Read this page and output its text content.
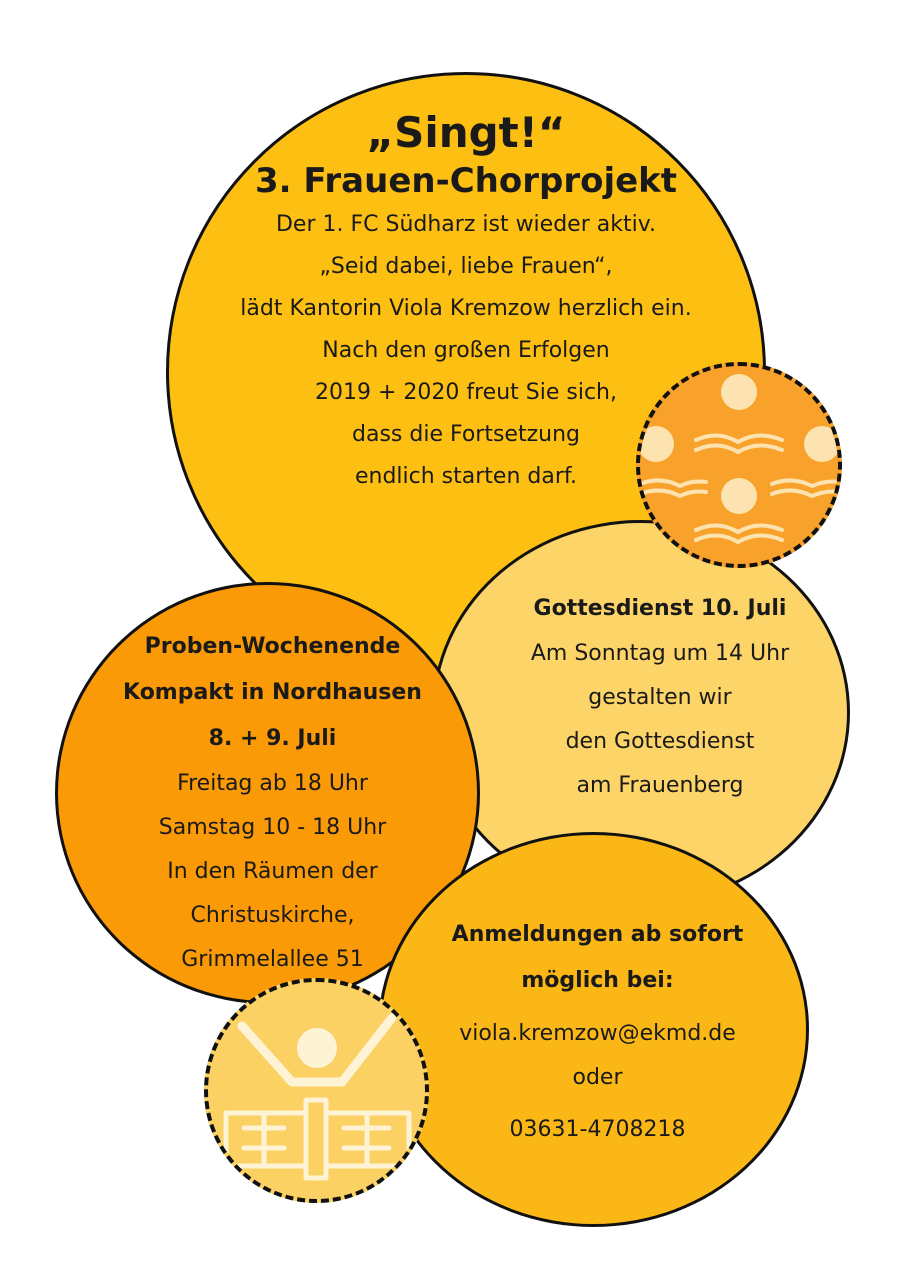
„Singt!“
3. Frauen-Chorprojekt
Der 1. FC Südharz ist wieder aktiv.
„Seid dabei, liebe Frauen“,
lädt Kantorin Viola Kremzow herzlich ein.
Nach den großen Erfolgen
2019 + 2020 freut Sie sich,
dass die Fortsetzung
endlich starten darf.
Gottesdienst 10. Juli
Am Sonntag um 14 Uhr
gestalten wir
den Gottesdienst
am Frauenberg
Proben-Wochenende
Kompakt in Nordhausen
8. + 9. Juli
Freitag ab 18 Uhr
Samstag 10 - 18 Uhr
In den Räumen der
Christuskirche,
Grimmelallee 51
Anmeldungen ab sofort
möglich bei:
viola.kremzow@ekmd.de
oder
03631-4708218
